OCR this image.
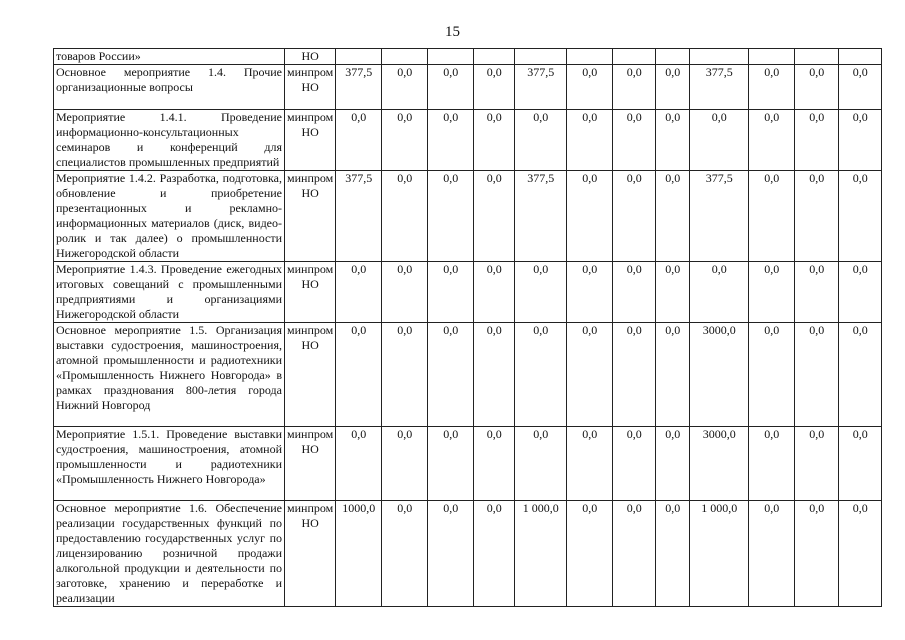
15
товаров России»	НО												
Основное мероприятие 1.4. Прочие организационные вопросы	минпром НО	377,5	0,0	0,0	0,0	377,5	0,0	0,0	0,0	377,5	0,0	0,0	0,0
Мероприятие 1.4.1. Проведение информационно-консультационных семинаров и конференций для специалистов промышленных предприятий	минпром НО	0,0	0,0	0,0	0,0	0,0	0,0	0,0	0,0	0,0	0,0	0,0	0,0
Мероприятие 1.4.2. Разработка, подготовка, обновление и приобретение презентационных и рекламно-информационных материалов (диск, видео-ролик и так далее) о промышленности Нижегородской области	минпром НО	377,5	0,0	0,0	0,0	377,5	0,0	0,0	0,0	377,5	0,0	0,0	0,0
Мероприятие 1.4.3. Проведение ежегодных итоговых совещаний с промышленными предприятиями и организациями Нижегородской области	минпром НО	0,0	0,0	0,0	0,0	0,0	0,0	0,0	0,0	0,0	0,0	0,0	0,0
Основное мероприятие 1.5. Организация выставки судостроения, машиностроения, атомной промышленности и радиотехники «Промышленность Нижнего Новгорода» в рамках празднования 800-летия города Нижний Новгород	минпром НО	0,0	0,0	0,0	0,0	0,0	0,0	0,0	0,0	3000,0	0,0	0,0	0,0
Мероприятие 1.5.1. Проведение выставки судостроения, машиностроения, атомной промышленности и радиотехники «Промышленность Нижнего Новгорода»	минпром НО	0,0	0,0	0,0	0,0	0,0	0,0	0,0	0,0	3000,0	0,0	0,0	0,0
Основное мероприятие 1.6. Обеспечение реализации государственных функций по предоставлению государственных услуг по лицензированию розничной продажи алкогольной продукции и деятельности по заготовке, хранению и переработке и реализации	минпром НО	1000,0	0,0	0,0	0,0	1 000,0	0,0	0,0	0,0	1 000,0	0,0	0,0	0,0
